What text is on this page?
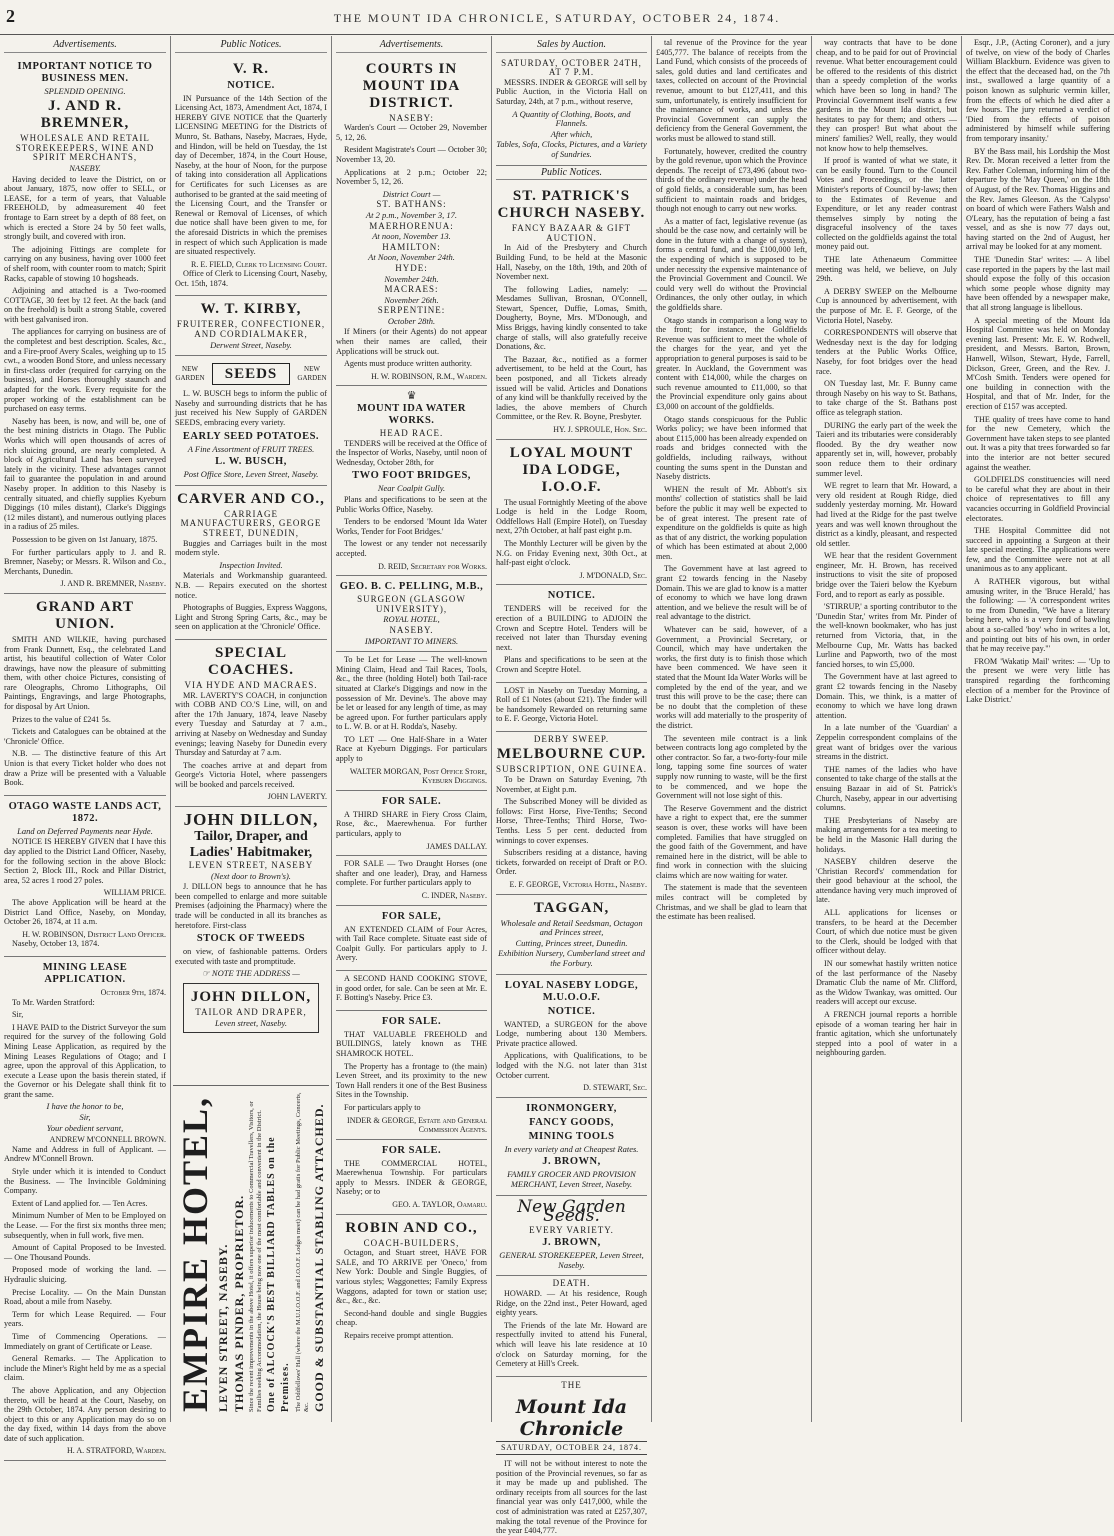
2	THE MOUNT IDA CHRONICLE, SATURDAY, OCTOBER 24, 1874.
Advertisements.
IMPORTANT NOTICE TO BUSINESS MEN.
SPLENDID OPENING.
J. AND R. BREMNER,
WHOLESALE AND RETAIL STOREKEEPERS, WINE AND SPIRIT MERCHANTS,
NASEBY.

Having decided to leave the District, on or about January, 1875, now offer to SELL, or LEASE, for a term of years, that Valuable FREEHOLD, by admeasurement 40 feet frontage to Earn street by a depth of 88 feet, on which is erected a Store 24 by 50 feet walls, strongly built, and covered with iron.

The adjoining Fittings are complete for carrying on any business, having over 1000 feet of shelf room, with counter room to match; Spirit Racks, capable of stowing 10 hogsheads.

Adjoining and attached is a Two-roomed COTTAGE, 30 feet by 12 feet. At the back (and on the freehold) is built a strong Stable, covered with best galvanised iron.

The appliances for carrying on business are of the completest and best description. Scales, &c., and a Fire-proof Avery Scales, weighing up to 15 cwt., a wooden Bond Store, and unless necessary in first-class order (required for carrying on the business), and Horses thoroughly staunch and adapted for the work. Every requisite for the proper working of the establishment can be purchased on easy terms.

Naseby has been, is now, and will be, one of the best mining districts in Otago. The Public Works which will open thousands of acres of rich sluicing ground, are nearly completed. A block of Agricultural Land has been surveyed lately in the vicinity. These advantages cannot fail to guarantee the population in and around Naseby proper. In addition to this Naseby is centrally situated, and chiefly supplies Kyeburn Diggings (10 miles distant), Clarke's Diggings (12 miles distant), and numerous outlying places in a radius of 25 miles.

Possession to be given on 1st January, 1875.

For further particulars apply to J. and R. Bremner, Naseby; or Messrs. R. Wilson and Co., Merchants, Dunedin.

J. AND R. BREMNER, Naseby.
GRAND ART UNION.

SMITH AND WILKIE, having purchased from Frank Dunnett, Esq., the celebrated Land artist, his beautiful collection of Water Color drawings, have now the pleasure of submitting them, with other choice Pictures, consisting of rare Oleographs, Chromo Lithographs, Oil Paintings, Engravings, and large Photographs, for disposal by Art Union.

Prizes to the value of £241 5s.

Tickets and Catalogues can be obtained at the 'Chronicle' Office.

N.B. — The distinctive feature of this Art Union is that every Ticket holder who does not draw a Prize will be presented with a Valuable Book.

OTAGO WASTE LANDS ACT, 1872.
Land on Deferred Payments near Hyde.

NOTICE IS HEREBY GIVEN that I have this day applied to the District Land Officer, Naseby, for the following section in the above Block: Section 2, Block III., Rock and Pillar District, area, 52 acres 1 rood 27 poles.

WILLIAM PRICE.

The above Application will be heard at the District Land Office, Naseby, on Monday, October 26, 1874, at 11 a.m.

H. W. ROBINSON, District Land Officer.

Naseby, October 13, 1874.

MINING LEASE APPLICATION.
October 9th, 1874.

To Mr. Warden Stratford:

Sir,

I HAVE PAID to the District Surveyor the sum required for the survey of the following Gold Mining Lease Application, as required by the Mining Leases Regulations of Otago; and I agree, upon the approval of this Application, to execute a Lease upon the basis therein stated, if the Governor or his Delegate shall think fit to grant the same.

I have the honor to be,
Sir,
Your obedient servant,
ANDREW M'CONNELL BROWN.

Name and Address in full of Applicant. — Andrew M'Connell Brown.

Style under which it is intended to Conduct the Business. — The Invincible Goldmining Company.

Extent of Land applied for. — Ten Acres.

Minimum Number of Men to be Employed on the Lease. — For the first six months three men; subsequently, when in full work, five men.

Amount of Capital Proposed to be Invested. — One Thousand Pounds.

Proposed mode of working the land. — Hydraulic sluicing.

Precise Locality. — On the Main Dunstan Road, about a mile from Naseby.

Term for which Lease Required. — Four years.

Time of Commencing Operations. — Immediately on grant of Certificate or Lease.

General Remarks. — The Application to include the Miner's Right held by me as a special claim.

The above Application, and any Objection thereto, will be heard at the Court, Naseby, on the 29th October, 1874. Any person desiring to object to this or any Application may do so on the day fixed, within 14 days from the above date of such application.

H. A. STRATFORD, Warden.
Public Notices.
V. R.
NOTICE.

IN Pursuance of the 14th Section of the Licensing Act, 1873, Amendment Act, 1874, I HEREBY GIVE NOTICE that the Quarterly LICENSING MEETING for the Districts of Munro, St. Bathans, Naseby, Macraes, Hyde, and Hindon, will be held on Tuesday, the 1st day of December, 1874, in the Court House, Naseby, at the hour of Noon, for the purpose of taking into consideration all Applications for Certificates for such Licenses as are authorised to be granted at the said meeting of the Licensing Court, and the Transfer or Renewal or Removal of Licenses, of which due notice shall have been given to me, for the aforesaid Districts in which the premises in respect of which such Application is made are situated respectively.

R. E. FIELD, Clerk to Licensing Court.

Office of Clerk to Licensing Court, Naseby, Oct. 15th, 1874.

W. T. KIRBY,
FRUITERER, CONFECTIONER, AND CORDIALMAKER,
Derwent Street, Naseby.
NEW GARDEN	SEEDS	NEW GARDEN

L. W. BUSCH begs to inform the public of Naseby and surrounding districts that he has just received his New Supply of GARDEN SEEDS, embracing every variety.

EARLY SEED POTATOES.
A Fine Assortment of FRUIT TREES.
L. W. BUSCH,
Post Office Store, Leven Street, Naseby.
CARVER AND CO.,
CARRIAGE MANUFACTURERS, GEORGE STREET, DUNEDIN,

Buggies and Carriages built in the most modern style.

Inspection Invited.

Materials and Workmanship guaranteed. N.B. — Repairs executed on the shortest notice.

Photographs of Buggies, Express Waggons, Light and Strong Spring Carts, &c., may be seen on application at the 'Chronicle' Office.

SPECIAL COACHES.
VIA HYDE AND MACRAES.

MR. LAVERTY'S COACH, in conjunction with COBB AND CO.'S Line, will, on and after the 17th January, 1874, leave Naseby every Tuesday and Saturday at 7 a.m., arriving at Naseby on Wednesday and Sunday evenings; leaving Naseby for Dunedin every Thursday and Saturday at 7 a.m.

The coaches arrive at and depart from George's Victoria Hotel, where passengers will be booked and parcels received.

JOHN LAVERTY.
JOHN DILLON,
Tailor, Draper, and
Ladies' Habitmaker,
LEVEN STREET, NASEBY
(Next door to Brown's).

J. DILLON begs to announce that he has been compelled to enlarge and more suitable Premises (adjoining the Pharmacy) where the trade will be conducted in all its branches as heretofore. First-class

STOCK OF TWEEDS

on view, of fashionable patterns. Orders executed with taste and promptitude.

☞ NOTE THE ADDRESS —
JOHN DILLON,
TAILOR AND DRAPER,
Leven street, Naseby.
EMPIRE HOTEL, LEVEN STREET, NASEBY. THOMAS PINDER, PROPRIETOR. Since the recent improvements in the above Hotel, it offers superior inducements to Commercial Travellers, Visitors, or Families seeking Accommodation, the House being now one of the most comfortable and convenient in the District. One of ALCOCK'S BEST BILLIARD TABLES on the Premises. The Oddfellows' Hall (where the M.U.I.O.O.F. and I.O.O.F. Lodges meet) can be had gratis for Public Meetings, Concerts, &c. GOOD & SUBSTANTIAL STABLING ATTACHED.
Advertisements.
COURTS IN MOUNT IDA DISTRICT.
NASEBY:

Warden's Court — October 29, November 5, 12, 26.

Resident Magistrate's Court — October 30; November 13, 20.

Applications at 2 p.m.; October 22; November 5, 12, 26.

District Court —
ST. BATHANS:
At 2 p.m., November 3, 17.
MAERHORENUA:
At noon, November 13.
HAMILTON:
At Noon, November 24th.
HYDE:
November 24th.
MACRAES:
November 26th.
SERPENTINE:
October 28th.

If Miners (or their Agents) do not appear when their names are called, their Applications will be struck out.

Agents must produce written authority.

H. W. ROBINSON, R.M., Warden.
♛
MOUNT IDA WATER WORKS.
HEAD RACE.

TENDERS will be received at the Office of the Inspector of Works, Naseby, until noon of Wednesday, October 28th, for

TWO FOOT BRIDGES,
Near Coalpit Gully.

Plans and specifications to be seen at the Public Works Office, Naseby.

Tenders to be endorsed 'Mount Ida Water Works, Tender for Foot Bridges.'

The lowest or any tender not necessarily accepted.

D. REID, Secretary for Works.
GEO. B. C. PELLING, M.B.,
SURGEON (GLASGOW UNIVERSITY),
ROYAL HOTEL,
NASEBY.
IMPORTANT TO MINERS.

To be Let for Lease — The well-known Mining Claim, Head and Tail Races, Tools, &c., the three (holding Hotel) both Tail-race situated at Clarke's Diggings and now in the possession of Mr. Devine's. The above may be let or leased for any length of time, as may be agreed upon. For further particulars apply to L. W. B. or at H. Rodda's, Naseby.

TO LET — One Half-Share in a Water Race at Kyeburn Diggings. For particulars apply to

WALTER MORGAN, Post Office Store, Kyeburn Diggings.
FOR SALE.

A THIRD SHARE in Fiery Cross Claim, Rose, &c., Maerewhenua. For further particulars, apply to

JAMES DALLAY.

FOR SALE — Two Draught Horses (one shafter and one leader), Dray, and Harness complete. For further particulars apply to

C. INDER, Naseby.
FOR SALE,

AN EXTENDED CLAIM of Four Acres, with Tail Race complete. Situate east side of Coalpit Gully. For particulars apply to J. Avery.

A SECOND HAND COOKING STOVE, in good order, for sale. Can be seen at Mr. E. F. Botting's Naseby. Price £3.

FOR SALE.

THAT VALUABLE FREEHOLD and BUILDINGS, lately known as THE SHAMROCK HOTEL.

The Property has a frontage to (the main) Leven Street, and its proximity to the new Town Hall renders it one of the Best Business Sites in the Township.

For particulars apply to

INDER & GEORGE, Estate and General Commission Agents.
FOR SALE.

THE COMMERCIAL HOTEL, Maerewhenua Township. For particulars apply to Messrs. INDER & GEORGE, Naseby; or to

GEO. A. TAYLOR, Oamaru.
ROBIN AND CO.,
COACH-BUILDERS,

Octagon, and Stuart street, HAVE FOR SALE, and TO ARRIVE per 'Oneco,' from New York: Double and Single Buggies, of various styles; Waggonettes; Family Express Waggons, adapted for town or station use; &c., &c., &c.

Second-hand double and single Buggies cheap.

Repairs receive prompt attention.

Sales by Auction.
SATURDAY, OCTOBER 24TH, AT 7 P.M.

MESSRS. INDER & GEORGE will sell by Public Auction, in the Victoria Hall on Saturday, 24th, at 7 p.m., without reserve,

A Quantity of Clothing, Boots, and Flannels.
After which,
Tables, Sofa, Clocks, Pictures, and a Variety of Sundries.
Public Notices.
ST. PATRICK'S CHURCH NASEBY.
FANCY BAZAAR & GIFT AUCTION.

In Aid of the Presbytery and Church Building Fund, to be held at the Masonic Hall, Naseby, on the 18th, 19th, and 20th of November next.

The following Ladies, namely: — Mesdames Sullivan, Brosnan, O'Connell, Stewart, Spencer, Duffie, Lomas, Smith, Dougherty, Boyne, Mrs. M'Donough, and Miss Briggs, having kindly consented to take charge of stalls, will also gratefully receive Donations, &c.

The Bazaar, &c., notified as a former advertisement, to be held at the Court, has been postponed, and all Tickets already issued will be valid. Articles and Donations of any kind will be thankfully received by the ladies, the above members of Church Committee, or the Rev. R. Boyne, Presbyter.

HY. J. SPROULE, Hon. Sec.
LOYAL MOUNT IDA LODGE, I.O.O.F.

The usual Fortnightly Meeting of the above Lodge is held in the Lodge Room, Oddfellows Hall (Empire Hotel), on Tuesday next, 27th October, at half past eight p.m.

The Monthly Lecturer will be given by the N.G. on Friday Evening next, 30th Oct., at half-past eight o'clock.

J. M'DONALD, Sec.
NOTICE.

TENDERS will be received for the erection of a BUILDING to ADJOIN the Crown and Sceptre Hotel. Tenders will be received not later than Thursday evening next.

Plans and specifications to be seen at the Crown and Sceptre Hotel.

LOST in Naseby on Tuesday Morning, a Roll of £1 Notes (about £21). The finder will be handsomely Rewarded on returning same to E. F. George, Victoria Hotel.

DERBY SWEEP.
MELBOURNE CUP.
SUBSCRIPTION, ONE GUINEA.

To be Drawn on Saturday Evening, 7th November, at Eight p.m.

The Subscribed Money will be divided as follows: First Horse, Five-Tenths; Second Horse, Three-Tenths; Third Horse, Two-Tenths. Less 5 per cent. deducted from winnings to cover expenses.

Subscribers residing at a distance, having tickets, forwarded on receipt of Draft or P.O. Order.

E. F. GEORGE, Victoria Hotel, Naseby.
TAGGAN,
Wholesale and Retail Seedsman, Octagon and Princes street,
Cutting, Princes street, Dunedin.
Exhibition Nursery, Cumberland street and the Forbury.
LOYAL NASEBY LODGE, M.U.O.O.F.
NOTICE.

WANTED, a SURGEON for the above Lodge, numbering about 130 Members. Private practice allowed.

Applications, with Qualifications, to be lodged with the N.G. not later than 31st October current.

D. STEWART, Sec.
IRONMONGERY,
FANCY GOODS,
MINING TOOLS
In every variety and at Cheapest Rates.
J. BROWN,
FAMILY GROCER AND PROVISION MERCHANT, Leven Street, Naseby.
New Garden Seeds.
EVERY VARIETY.
J. BROWN,
GENERAL STOREKEEPER, Leven Street, Naseby.
DEATH.

HOWARD. — At his residence, Rough Ridge, on the 22nd inst., Peter Howard, aged eighty years.

The Friends of the late Mr. Howard are respectfully invited to attend his Funeral, which will leave his late residence at 10 o'clock on Saturday morning, for the Cemetery at Hill's Creek.

THE
Mount Ida Chronicle
SATURDAY, OCTOBER 24, 1874.

IT will not be without interest to note the position of the Provincial revenues, so far as it may be made up and published. The ordinary receipts from all sources for the last financial year was only £417,000, while the cost of administration was rated at £257,307, making the total revenue of the Province for the year £404,777.

tal revenue of the Province for the year £405,777. The balance of receipts from the Land Fund, which consists of the proceeds of sales, gold duties and land certificates and taxes, collected on account of the Provincial revenue, amount to but £127,411, and this sum, unfortunately, is entirely insufficient for the maintenance of works, and unless the Provincial Government can supply the deficiency from the General Government, the works must be allowed to stand still.

Fortunately, however, credited the country by the gold revenue, upon which the Province depends. The receipt of £73,496 (about two-thirds of the ordinary revenue) under the head of gold fields, a considerable sum, has been sufficient to maintain roads and bridges, though not enough to carry out new works.

As a matter of fact, legislative revenue (as should be the case now, and certainly will be done in the future with a change of system), forms a central fund, and the £100,000 left, the expending of which is supposed to be under necessity the expensive maintenance of the Provincial Government and Council. We could very well do without the Provincial Ordinances, the only other outlay, in which the goldfields share.

Otago stands in comparison a long way to the front; for instance, the Goldfields Revenue was sufficient to meet the whole of the charges for the year, and yet the appropriation to general purposes is said to be greater. In Auckland, the Government was content with £14,000, while the charges on such revenue amounted to £11,000, so that the Provincial expenditure only gains about £3,000 on account of the goldfields.

Otago stands conspicuous for the Public Works policy; we have been informed that about £115,000 has been already expended on roads and bridges connected with the goldfields, including railways, without counting the sums spent in the Dunstan and Naseby districts.

WHEN the result of Mr. Abbott's six months' collection of statistics shall be laid before the public it may well be expected to be of great interest. The present rate of expenditure on the goldfields is quite as high as that of any district, the working population of which has been estimated at about 2,000 men.

The Government have at last agreed to grant £2 towards fencing in the Naseby Domain. This we are glad to know is a matter of economy to which we have long drawn attention, and we believe the result will be of real advantage to the district.

Whatever can be said, however, of a Government, a Provincial Secretary, or Council, which may have undertaken the works, the first duty is to finish those which have been commenced. We have seen it stated that the Mount Ida Water Works will be completed by the end of the year, and we trust this will prove to be the case; there can be no doubt that the completion of these works will add materially to the prosperity of the district.

The seventeen mile contract is a link between contracts long ago completed by the other contractor. So far, a two-forty-four mile long, tapping some fine sources of water supply now running to waste, will be the first to be commenced, and we hope the Government will not lose sight of this.

The Reserve Government and the district have a right to expect that, ere the summer season is over, these works will have been completed. Families that have struggled on the good faith of the Government, and have remained here in the district, will be able to find work in connection with the sluicing claims which are now waiting for water.

The statement is made that the seventeen miles contract will be completed by Christmas, and we shall be glad to learn that the estimate has been realised.

way contracts that have to be done cheap, and to be paid for out of Provincial revenue. What better encouragement could be offered to the residents of this district than a speedy completion of the works which have been so long in hand? The Provincial Government itself wants a few gardens in the Mount Ida district, but hesitates to pay for them; and others — they can prosper! But what about the miners' families? Well, really, they would not know how to help themselves.

If proof is wanted of what we state, it can be easily found. Turn to the Council Votes and Proceedings, or the latter Minister's reports of Council by-laws; then to the Estimates of Revenue and Expenditure, or let any reader contrast themselves simply by noting the disgraceful insolvency of the taxes collected on the goldfields against the total money paid out.

THE late Athenaeum Committee meeting was held, we believe, on July 29th.

A DERBY SWEEP on the Melbourne Cup is announced by advertisement, with the purpose of Mr. E. F. George, of the Victoria Hotel, Naseby.

CORRESPONDENTS will observe that Wednesday next is the day for lodging tenders at the Public Works Office, Naseby, for foot bridges over the head race.

ON Tuesday last, Mr. F. Bunny came through Naseby on his way to St. Bathans, to take charge of the St. Bathans post office as telegraph station.

DURING the early part of the week the Taieri and its tributaries were considerably flooded. By the dry weather now apparently set in, will, however, probably soon reduce them to their ordinary summer level.

WE regret to learn that Mr. Howard, a very old resident at Rough Ridge, died suddenly yesterday morning. Mr. Howard had lived at the Ridge for the past twelve years and was well known throughout the district as a kindly, pleasant, and respected old settler.

WE hear that the resident Government engineer, Mr. H. Brown, has received instructions to visit the site of proposed bridge over the Taieri below the Kyeburn Ford, and to report as early as possible.

'STIRRUP,' a sporting contributor to the 'Dunedin Star,' writes from Mr. Pinder of the well-known bookmaker, who has just returned from Victoria, that, in the Melbourne Cup, Mr. Watts has backed Lurline and Papworth, two of the most fancied horses, to win £5,000.

The Government have at last agreed to grant £2 towards fencing in the Naseby Domain. This, we think, is a matter of economy to which we have long drawn attention.

In a late number of the 'Guardian' a Zeppelin correspondent complains of the great want of bridges over the various streams in the district.

THE names of the ladies who have consented to take charge of the stalls at the ensuing Bazaar in aid of St. Patrick's Church, Naseby, appear in our advertising columns.

THE Presbyterians of Naseby are making arrangements for a tea meeting to be held in the Masonic Hall during the holidays.

NASEBY children deserve the 'Christian Record's' commendation for their good behaviour at the school, the attendance having very much improved of late.

ALL applications for licenses or transfers, to be heard at the December Court, of which due notice must be given to the Clerk, should be lodged with that officer without delay.

IN our somewhat hastily written notice of the last performance of the Naseby Dramatic Club the name of Mr. Clifford, as the Widow Twankay, was omitted. Our readers will accept our excuse.

A FRENCH journal reports a horrible episode of a woman tearing her hair in frantic agitation, which she unfortunately stepped into a pool of water in a neighbouring garden.

Esqr., J.P., (Acting Coroner), and a jury of twelve, on view of the body of Charles William Blackburn. Evidence was given to the effect that the deceased had, on the 7th inst., swallowed a large quantity of a poison known as sulphuric vermin killer, from the effects of which he died after a few hours. The jury returned a verdict of 'Died from the effects of poison administered by himself while suffering from temporary insanity.'

BY the Bass mail, his Lordship the Most Rev. Dr. Moran received a letter from the Rev. Father Coleman, informing him of the departure by the 'May Queen,' on the 18th of August, of the Rev. Thomas Higgins and the Rev. James Gleeson. As the 'Calypso' on board of which were Fathers Walsh and O'Leary, has the reputation of being a fast vessel, and as she is now 77 days out, having started on the 2nd of August, her arrival may be looked for at any moment.

THE 'Dunedin Star' writes: — A libel case reported in the papers by the last mail should expose the folly of this occasion which some people whose dignity may have been offended by a newspaper make, that all strong language is libellous.

A special meeting of the Mount Ida Hospital Committee was held on Monday evening last. Present: Mr. E. W. Rodwell, president, and Messrs. Barton, Brown, Hanwell, Wilson, Stewart, Hyde, Farrell, Dickson, Greer, Green, and the Rev. J. M'Cosh Smith. Tenders were opened for one building in connection with the Hospital, and that of Mr. Inder, for the erection of £157 was accepted.

THE quality of trees have come to hand for the new Cemetery, which the Government have taken steps to see planted out. It was a pity that trees forwarded so far into the interior are not better secured against the weather.

GOLDFIELDS constituencies will need to be careful what they are about in their choice of representatives to fill any vacancies occurring in Goldfield Provincial electorates.

THE Hospital Committee did not succeed in appointing a Surgeon at their late special meeting. The applications were few, and the Committee were not at all unanimous as to any applicant.

A RATHER vigorous, but withal amusing writer, in the 'Bruce Herald,' has the following: — 'A correspondent writes to me from Dunedin, "We have a literary being here, who is a very fond of bawling about a so-called 'boy' who in writes a lot, and pointing out bits of his own, in order that he may receive pay."'

FROM 'Wakatip Mail' writes: — 'Up to the present we were very little has transpired regarding the forthcoming election of a member for the Province of Lake District.'
